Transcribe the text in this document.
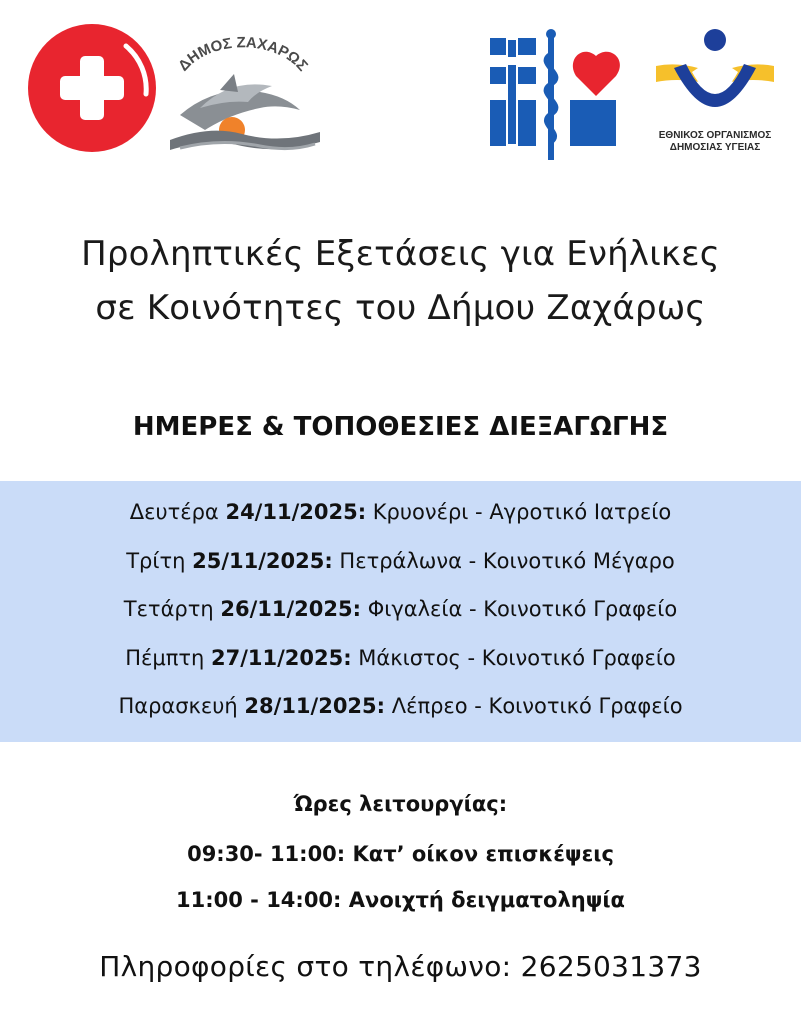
ΔΗΜΟΣ ΖΑΧΑΡΩΣ
ΕΘΝΙΚΟΣ ΟΡΓΑΝΙΣΜΟΣ
ΔΗΜΟΣΙΑΣ ΥΓΕΙΑΣ
Προληπτικές Εξετάσεις για Ενήλικες
σε Κοινότητες του Δήμου Ζαχάρως
ΗΜΕΡΕΣ & ΤΟΠΟΘΕΣΙΕΣ ΔΙΕΞΑΓΩΓΗΣ
Δευτέρα 24/11/2025: Κρυονέρι - Αγροτικό Ιατρείο
Τρίτη 25/11/2025: Πετράλωνα - Κοινοτικό Μέγαρο
Τετάρτη 26/11/2025: Φιγαλεία - Κοινοτικό Γραφείο
Πέμπτη 27/11/2025: Μάκιστος - Κοινοτικό Γραφείο
Παρασκευή 28/11/2025: Λέπρεο - Κοινοτικό Γραφείο
Ώρες λειτουργίας:
09:30- 11:00: Κατ’ οίκον επισκέψεις
11:00 - 14:00: Ανοιχτή δειγματοληψία
Πληροφορίες στο τηλέφωνο: 2625031373
